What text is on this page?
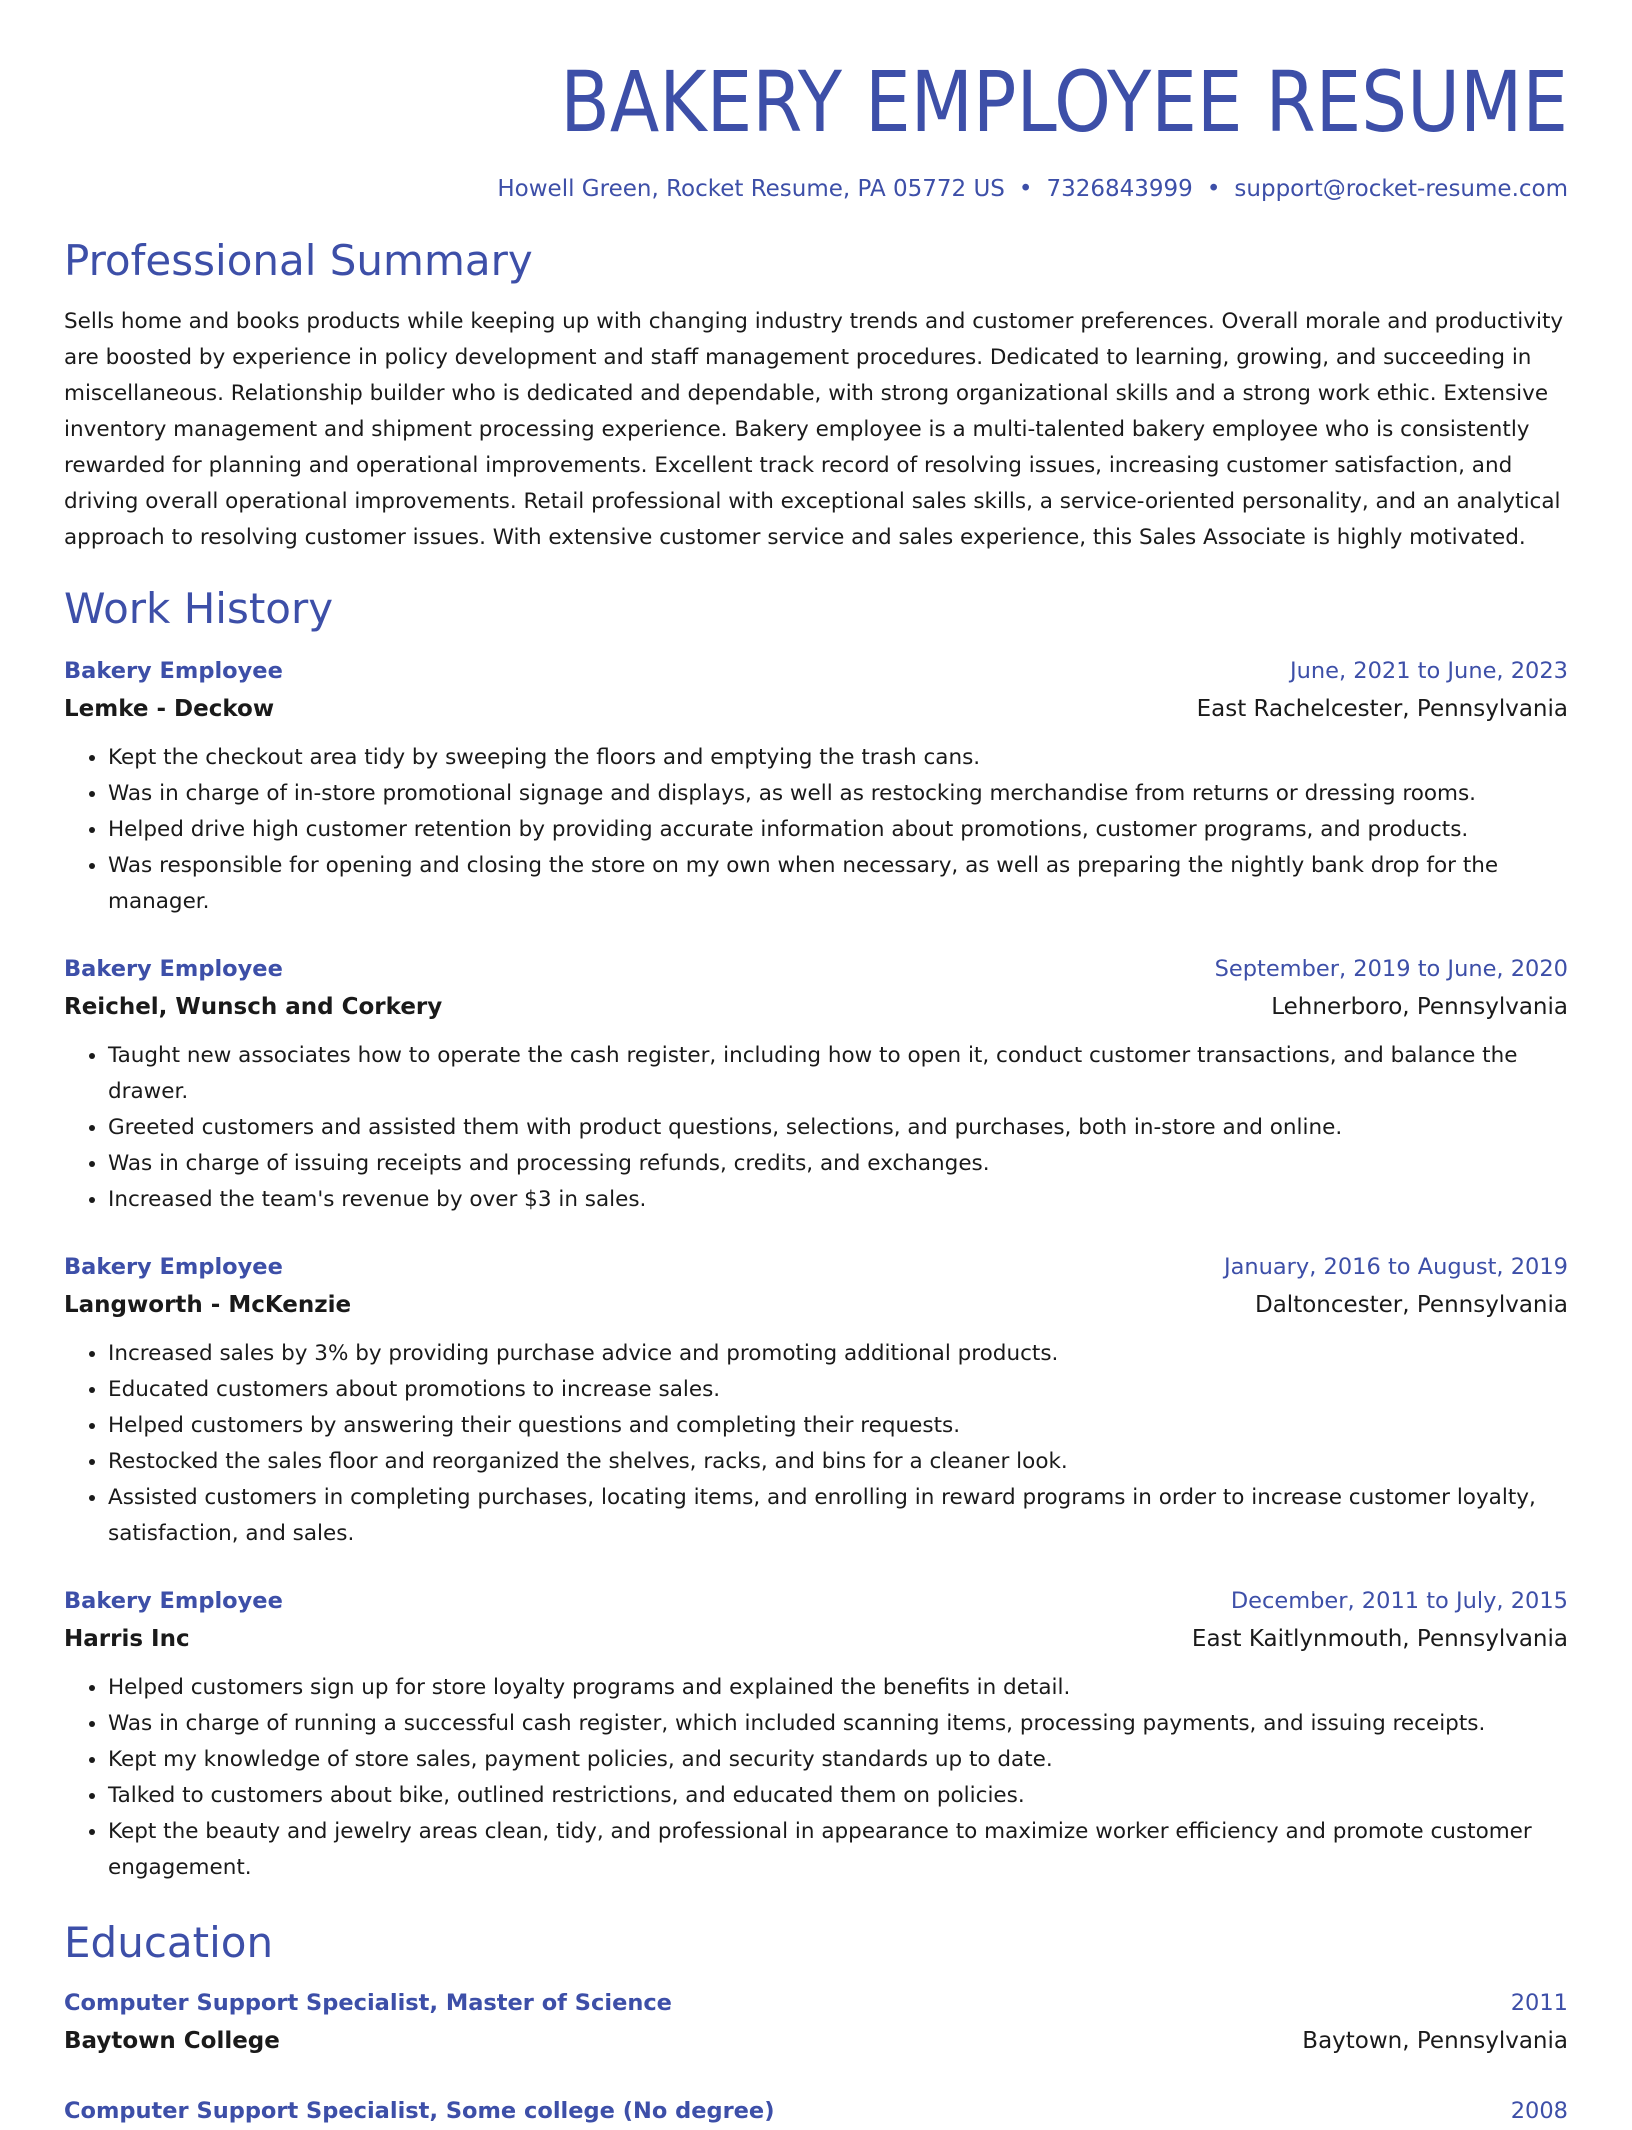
BAKERY EMPLOYEE RESUME
Howell Green, Rocket Resume, PA 05772 US • 7326843999 • support@rocket-resume.com
Professional Summary
Sells home and books products while keeping up with changing industry trends and customer preferences. Overall morale and productivity are boosted by experience in policy development and staff management procedures. Dedicated to learning, growing, and succeeding in miscellaneous. Relationship builder who is dedicated and dependable, with strong organizational skills and a strong work ethic. Extensive inventory management and shipment processing experience. Bakery employee is a multi-talented bakery employee who is consistently rewarded for planning and operational improvements. Excellent track record of resolving issues, increasing customer satisfaction, and driving overall operational improvements. Retail professional with exceptional sales skills, a service-oriented personality, and an analytical approach to resolving customer issues. With extensive customer service and sales experience, this Sales Associate is highly motivated.
Work History
Bakery Employee	June, 2021 to June, 2023
Lemke - Deckow	East Rachelcester, Pennsylvania
• Kept the checkout area tidy by sweeping the floors and emptying the trash cans.
• Was in charge of in-store promotional signage and displays, as well as restocking merchandise from returns or dressing rooms.
• Helped drive high customer retention by providing accurate information about promotions, customer programs, and products.
• Was responsible for opening and closing the store on my own when necessary, as well as preparing the nightly bank drop for the manager.
Bakery Employee	September, 2019 to June, 2020
Reichel, Wunsch and Corkery	Lehnerboro, Pennsylvania
• Taught new associates how to operate the cash register, including how to open it, conduct customer transactions, and balance the drawer.
• Greeted customers and assisted them with product questions, selections, and purchases, both in-store and online.
• Was in charge of issuing receipts and processing refunds, credits, and exchanges.
• Increased the team's revenue by over $3 in sales.
Bakery Employee	January, 2016 to August, 2019
Langworth - McKenzie	Daltoncester, Pennsylvania
• Increased sales by 3% by providing purchase advice and promoting additional products.
• Educated customers about promotions to increase sales.
• Helped customers by answering their questions and completing their requests.
• Restocked the sales floor and reorganized the shelves, racks, and bins for a cleaner look.
• Assisted customers in completing purchases, locating items, and enrolling in reward programs in order to increase customer loyalty, satisfaction, and sales.
Bakery Employee	December, 2011 to July, 2015
Harris Inc	East Kaitlynmouth, Pennsylvania
• Helped customers sign up for store loyalty programs and explained the benefits in detail.
• Was in charge of running a successful cash register, which included scanning items, processing payments, and issuing receipts.
• Kept my knowledge of store sales, payment policies, and security standards up to date.
• Talked to customers about bike, outlined restrictions, and educated them on policies.
• Kept the beauty and jewelry areas clean, tidy, and professional in appearance to maximize worker efficiency and promote customer engagement.
Education
Computer Support Specialist, Master of Science	2011
Baytown College	Baytown, Pennsylvania
Computer Support Specialist, Some college (No degree)	2008
